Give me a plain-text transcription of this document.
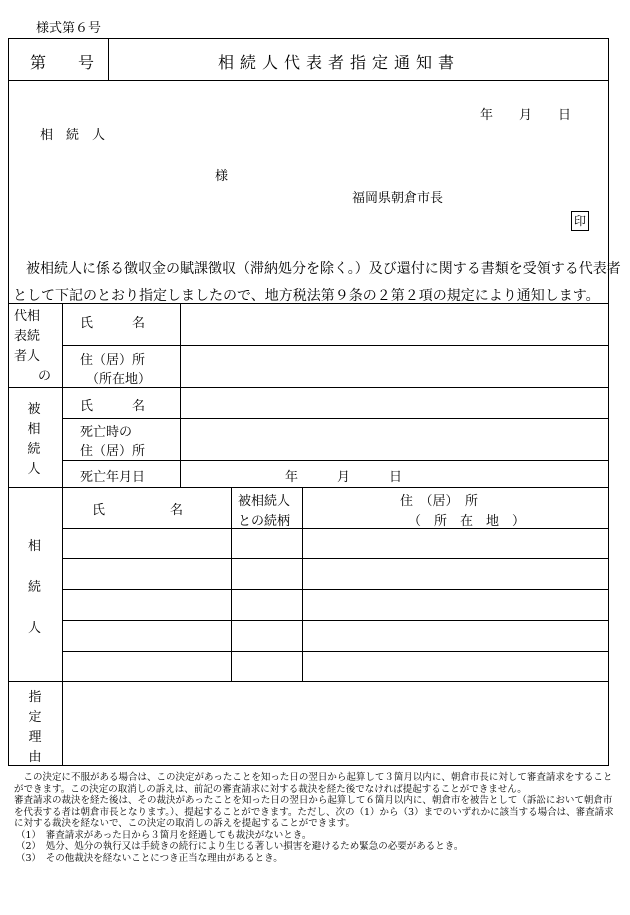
様式第６号
第　　号	相続人代表者指定通知書
年　　月　　日
相　続　人
様
福岡県朝倉市長
印
被相続人に係る徴収金の賦課徴収（滞納処分を除く。）及び還付に関する書類を受領する代表者
として下記のとおり指定しましたので、地方税法第９条の２第２項の規定により通知します。
代相
表続
者人
の
氏　　　名
住（居）所
（所在地）
被相続人
氏　　　名
死亡時の
住（居）所
死亡年月日	年　　　月　　　日
相
続
人
氏　　　　　名
被相続人
との続柄
住　（居）　所
（　所　在　地　）
指定理由

　この決定に不服がある場合は、この決定があったことを知った日の翌日から起算して３箇月以内に、朝倉市長に対して審査請求をすることができます。この決定の取消しの訴えは、前記の審査請求に対する裁決を経た後でなければ提起することができません。

審査請求の裁決を経た後は、その裁決があったことを知った日の翌日から起算して６箇月以内に、朝倉市を被告として（訴訟において朝倉市を代表する者は朝倉市長となります。）、提起することができます。ただし、次の（1）から（3）までのいずれかに該当する場合は、審査請求に対する裁決を経ないで、この決定の取消しの訴えを提起することができます。

（1）　審査請求があった日から３箇月を経過しても裁決がないとき。

（2）　処分、処分の執行又は手続きの続行により生じる著しい損害を避けるため緊急の必要があるとき。

（3）　その他裁決を経ないことにつき正当な理由があるとき。
